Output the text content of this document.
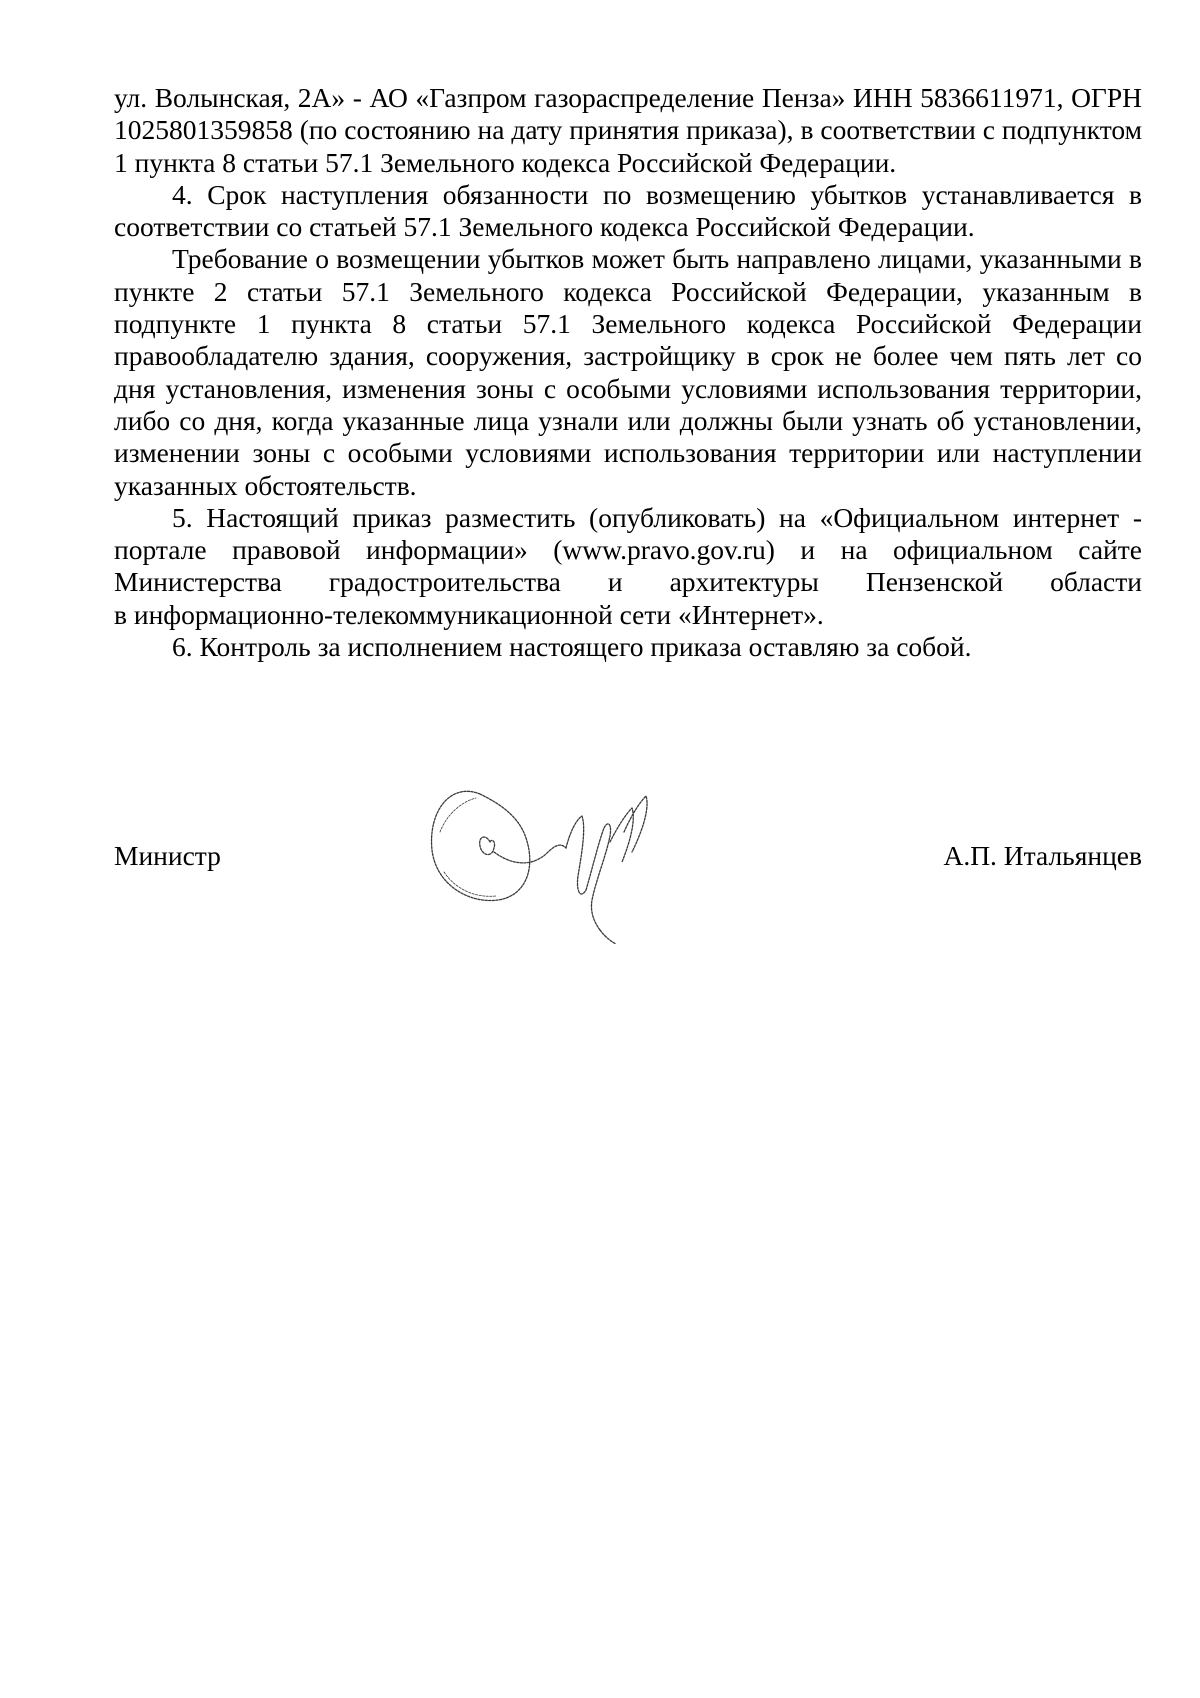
ул. Волынская, 2А» - АО «Газпром газораспределение Пенза» ИНН 5836611971, ОГРН 1025801359858 (по состоянию на дату принятия приказа), в соответствии с подпунктом 1 пункта 8 статьи 57.1 Земельного кодекса Российской Федерации.

4. Срок наступления обязанности по возмещению убытков устанавливается в соответствии со статьей 57.1 Земельного кодекса Российской Федерации.

Требование о возмещении убытков может быть направлено лицами, указанными в пункте 2 статьи 57.1 Земельного кодекса Российской Федерации, указанным в подпункте 1 пункта 8 статьи 57.1 Земельного кодекса Российской Федерации правообладателю здания, сооружения, застройщику в срок не более чем пять лет со дня установления, изменения зоны с особыми условиями использования территории, либо со дня, когда указанные лица узнали или должны были узнать об установлении, изменении зоны с особыми условиями использования территории или наступлении указанных обстоятельств.

5. Настоящий приказ разместить (опубликовать) на «Официальном интернет - портале правовой информации» (www.pravo.gov.ru) и на официальном сайте Министерства градостроительства и архитектуры Пензенской области

в информационно-телекоммуникационной сети «Интернет».

6. Контроль за исполнением настоящего приказа оставляю за собой.

Министр	А.П. Итальянцев
